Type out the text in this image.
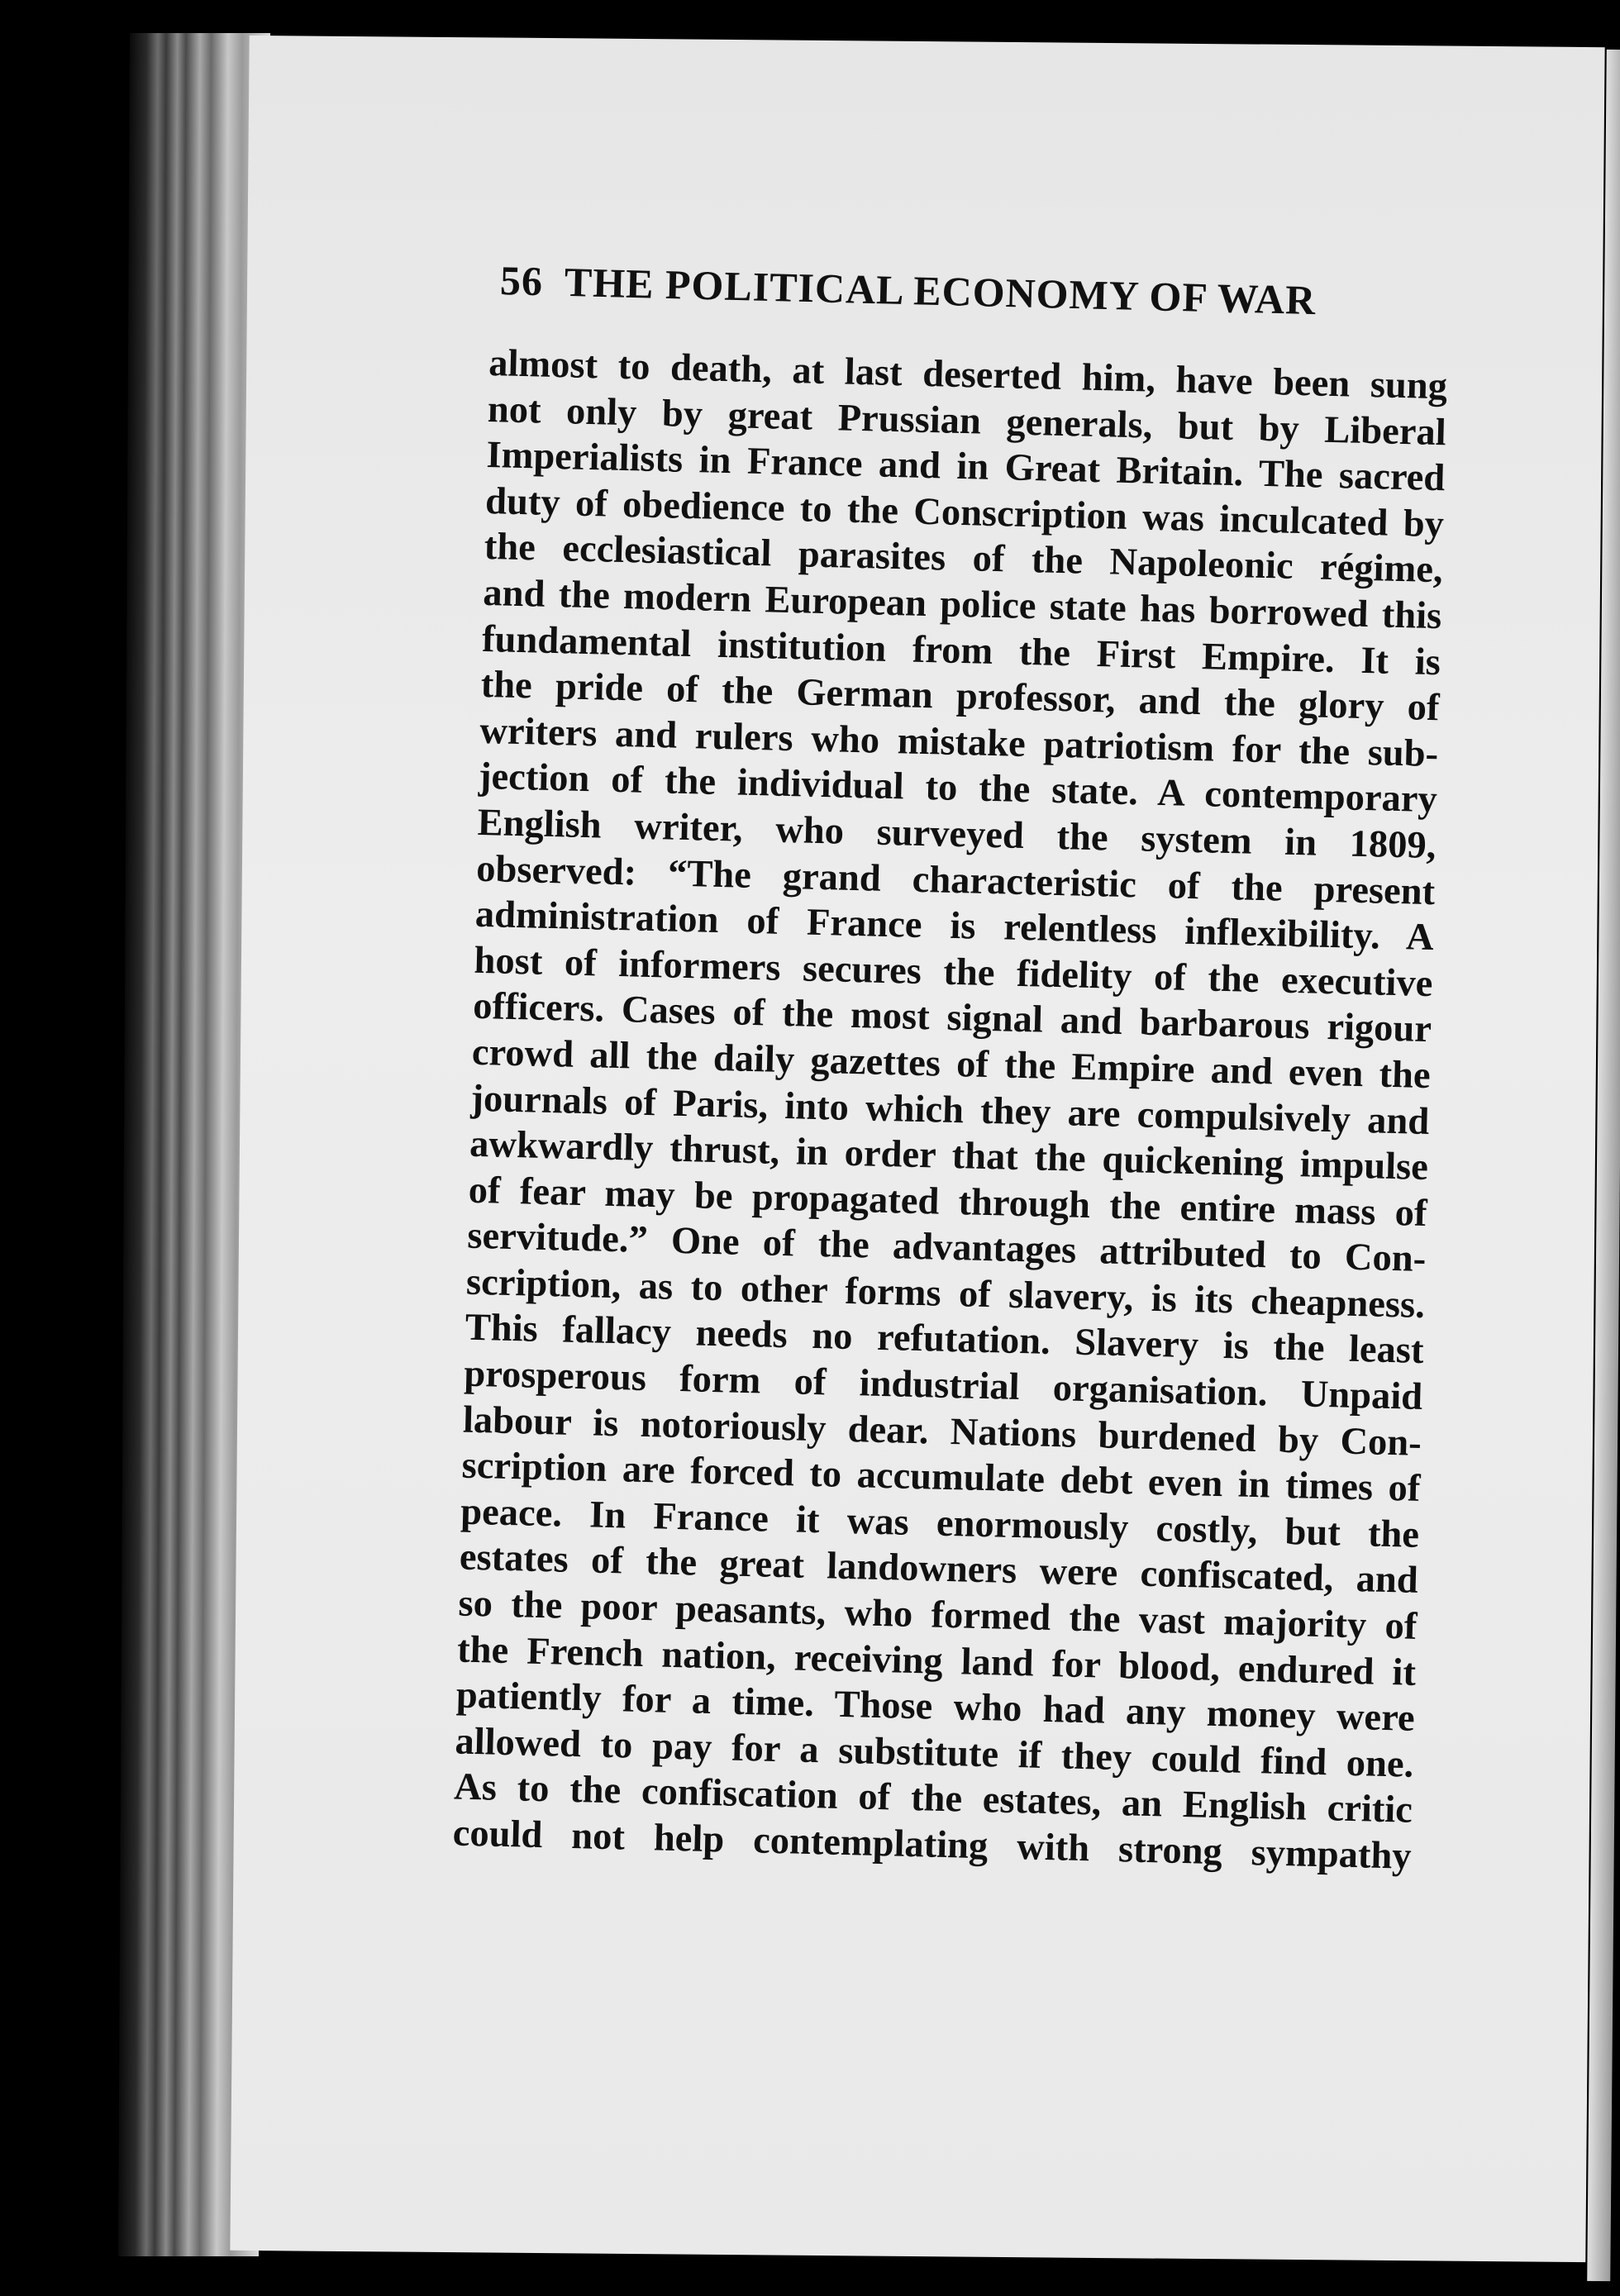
56 THE POLITICAL ECONOMY OF WAR
almost to death, at last deserted him, have been sung
not only by great Prussian generals, but by Liberal
Imperialists in France and in Great Britain. The sacred
duty of obedience to the Conscription was inculcated by
the ecclesiastical parasites of the Napoleonic régime,
and the modern European police state has borrowed this
fundamental institution from the First Empire. It is
the pride of the German professor, and the glory of
writers and rulers who mistake patriotism for the sub-
jection of the individual to the state. A contemporary
English writer, who surveyed the system in 1809,
observed: “The grand characteristic of the present
administration of France is relentless inflexibility. A
host of informers secures the fidelity of the executive
officers. Cases of the most signal and barbarous rigour
crowd all the daily gazettes of the Empire and even the
journals of Paris, into which they are compulsively and
awkwardly thrust, in order that the quickening impulse
of fear may be propagated through the entire mass of
servitude.” One of the advantages attributed to Con-
scription, as to other forms of slavery, is its cheapness.
This fallacy needs no refutation. Slavery is the least
prosperous form of industrial organisation. Unpaid
labour is notoriously dear. Nations burdened by Con-
scription are forced to accumulate debt even in times of
peace. In France it was enormously costly, but the
estates of the great landowners were confiscated, and
so the poor peasants, who formed the vast majority of
the French nation, receiving land for blood, endured it
patiently for a time. Those who had any money were
allowed to pay for a substitute if they could find one.
As to the confiscation of the estates, an English critic
could not help contemplating with strong sympathy
